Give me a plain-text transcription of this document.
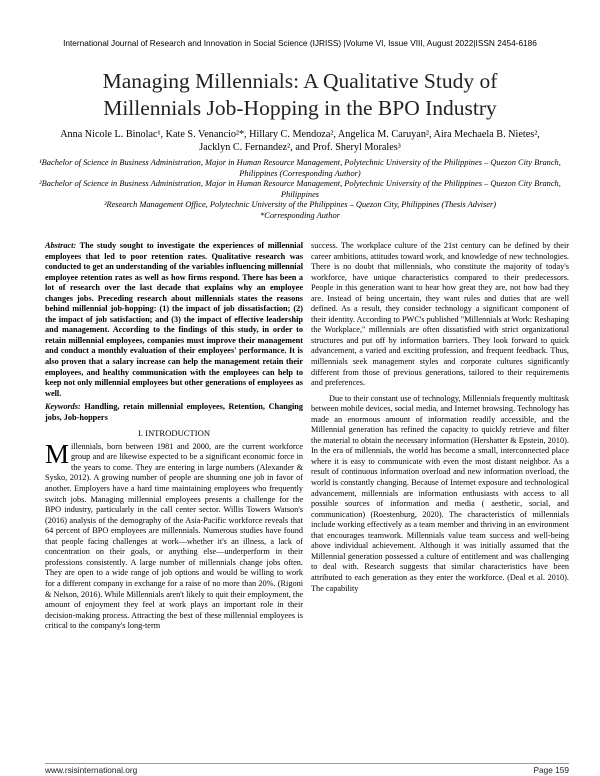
International Journal of Research and Innovation in Social Science (IJRISS) |Volume VI, Issue VIII, August 2022|ISSN 2454-6186
Managing Millennials: A Qualitative Study of
Millennials Job-Hopping in the BPO Industry
Anna Nicole L. Binolac¹, Kate S. Venancio²*, Hillary C. Mendoza², Angelica M. Caruyan², Aira Mechaela B. Nietes²,
Jacklyn C. Fernandez², and Prof. Sheryl Morales³

¹Bachelor of Science in Business Administration, Major in Human Resource Management, Polytechnic University of the Philippines – Quezon City Branch, Philippines (Corresponding Author)

²Bachelor of Science in Business Administration, Major in Human Resource Management, Polytechnic University of the Philippines – Quezon City Branch, Philippines

³Research Management Office, Polytechnic University of the Philippines – Quezon City, Philippines (Thesis Adviser)

*Corresponding Author

Abstract: The study sought to investigate the experiences of millennial employees that led to poor retention rates. Qualitative research was conducted to get an understanding of the variables influencing millennial employee retention rates as well as how firms respond. There has been a lot of research over the last decade that explains why an employee changes jobs. Preceding research about millennials states the reasons behind millennial job-hopping: (1) the impact of job dissatisfaction; (2) the impact of job satisfaction; and (3) the impact of effective leadership and management. According to the findings of this study, in order to retain millennial employees, companies must improve their management and conduct a monthly evaluation of their employees' performance. It is also proven that a salary increase can help the management retain their employees, and healthy communication with the employees can help to keep not only millennial employees but other generations of employees as well.

Keywords: Handling, retain millennial employees, Retention, Changing jobs, Job-hoppers

I. INTRODUCTION

Millennials, born between 1981 and 2000, are the current workforce group and are likewise expected to be a significant economic force in the years to come. They are entering in large numbers (Alexander & Sysko, 2012). A growing number of people are shunning one job in favor of another. Employers have a hard time maintaining employees who frequently switch jobs. Managing millennial employees presents a challenge for the BPO industry, particularly in the call center sector. Willis Towers Watson's (2016) analysis of the demography of the Asia-Pacific workforce reveals that 64 percent of BPO employees are millennials. Numerous studies have found that people facing challenges at work—whether it's an illness, a lack of concentration on their goals, or anything else—underperform in their professions consistently. A large number of millennials change jobs often. They are open to a wide range of job options and would be willing to work for a different company in exchange for a raise of no more than 20%. (Rigoni & Nelson, 2016). While Millennials aren't likely to quit their employment, the amount of enjoyment they feel at work plays an important role in their decision-making process. Attracting the best of these millennial employees is critical to the company's long-term

success. The workplace culture of the 21st century can be defined by their career ambitions, attitudes toward work, and knowledge of new technologies. There is no doubt that millennials, who constitute the majority of today's workforce, have unique characteristics compared to their predecessors. People in this generation want to hear how great they are, not how bad they are. Instead of being uncertain, they want rules and duties that are well defined. As a result, they consider technology a significant component of their identity. According to PWC's published "Millennials at Work: Reshaping the Workplace," millennials are often dissatisfied with strict organizational structures and put off by information barriers. They look forward to quick advancement, a varied and exciting profession, and frequent feedback. Thus, millennials seek management styles and corporate cultures significantly different from those of previous generations, tailored to their requirements and preferences.

Due to their constant use of technology, Millennials frequently multitask between mobile devices, social media, and Internet browsing. Technology has made an enormous amount of information readily accessible, and the Millennial generation has refined the capacity to quickly retrieve and filter the material to obtain the necessary information (Hershatter & Epstein, 2010). In the era of millennials, the world has become a small, interconnected place where it is easy to communicate with even the most distant neighbor. As a result of continuous information overload and new information overload, the world is constantly changing. Because of Internet exposure and technological advancement, millennials are information enthusiasts with access to all possible sources of information and media ( aesthetic, social, and communication) (Roestenburg, 2020). The characteristics of millennials include working effectively as a team member and thriving in an environment that encourages teamwork. Millennials value team success and well-being above individual achievement. Although it was initially assumed that the Millennial generation possessed a culture of entitlement and was challenging to deal with. Research suggests that similar characteristics have been attributed to each generation as they enter the workforce. (Deal et al. 2010). The capability

www.rsisinternational.org	Page 159
